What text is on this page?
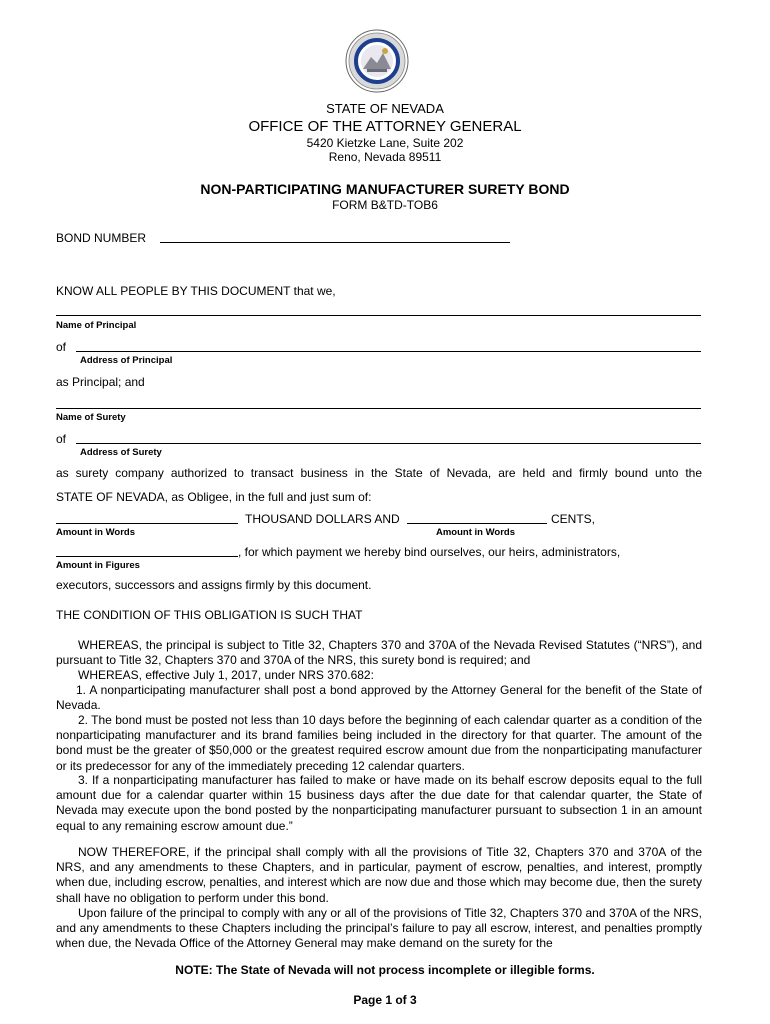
STATE OF NEVADA
OFFICE OF THE ATTORNEY GENERAL
5420 Kietzke Lane, Suite 202
Reno, Nevada 89511
NON-PARTICIPATING MANUFACTURER SURETY BOND
FORM B&TD-TOB6
BOND NUMBER
KNOW ALL PEOPLE BY THIS DOCUMENT that we,
Name of Principal
of
Address of Principal
as Principal; and
Name of Surety
of
Address of Surety
as surety company authorized to transact business in the State of Nevada, are held and firmly bound unto the
STATE OF NEVADA, as Obligee, in the full and just sum of:
THOUSAND DOLLARS AND	CENTS,
Amount in Words	Amount in Words
, for which payment we hereby bind ourselves, our heirs, administrators,
Amount in Figures
executors, successors and assigns firmly by this document.
THE CONDITION OF THIS OBLIGATION IS SUCH THAT
WHEREAS, the principal is subject to Title 32, Chapters 370 and 370A of the Nevada Revised Statutes (“NRS”), and pursuant to Title 32, Chapters 370 and 370A of the NRS, this surety bond is required; and
WHEREAS, effective July 1, 2017, under NRS 370.682:
1. A nonparticipating manufacturer shall post a bond approved by the Attorney General for the benefit of the State of Nevada.
2. The bond must be posted not less than 10 days before the beginning of each calendar quarter as a condition of the nonparticipating manufacturer and its brand families being included in the directory for that quarter. The amount of the bond must be the greater of $50,000 or the greatest required escrow amount due from the nonparticipating manufacturer or its predecessor for any of the immediately preceding 12 calendar quarters.
3. If a nonparticipating manufacturer has failed to make or have made on its behalf escrow deposits equal to the full amount due for a calendar quarter within 15 business days after the due date for that calendar quarter, the State of Nevada may execute upon the bond posted by the nonparticipating manufacturer pursuant to subsection 1 in an amount equal to any remaining escrow amount due.”
NOW THEREFORE, if the principal shall comply with all the provisions of Title 32, Chapters 370 and 370A of the NRS, and any amendments to these Chapters, and in particular, payment of escrow, penalties, and interest, promptly when due, including escrow, penalties, and interest which are now due and those which may become due, then the surety shall have no obligation to perform under this bond.
Upon failure of the principal to comply with any or all of the provisions of Title 32, Chapters 370 and 370A of the NRS, and any amendments to these Chapters including the principal’s failure to pay all escrow, interest, and penalties promptly when due, the Nevada Office of the Attorney General may make demand on the surety for the
NOTE: The State of Nevada will not process incomplete or illegible forms.
Page 1 of 3
